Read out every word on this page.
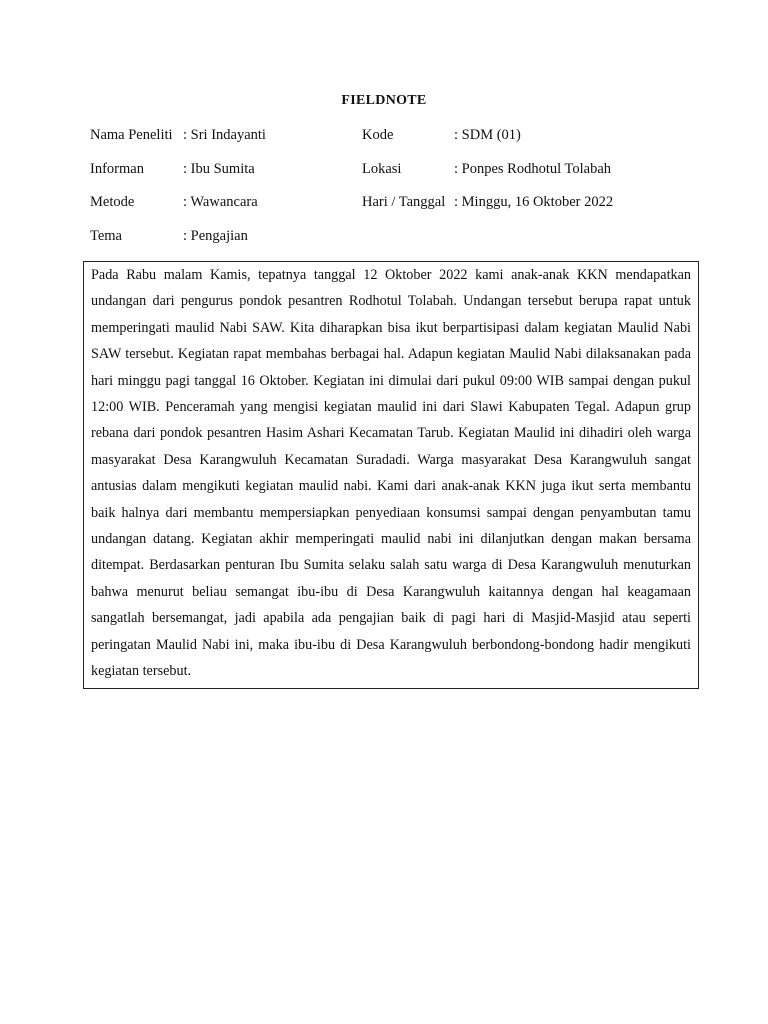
FIELDNOTE
Nama Peneliti : Sri Indayanti	Kode	: SDM (01)
Informan	: Ibu Sumita	Lokasi	: Ponpes Rodhotul Tolabah
Metode	: Wawancara	Hari / Tanggal : Minggu, 16 Oktober 2022
Tema	: Pengajian

Pada Rabu malam Kamis, tepatnya tanggal 12 Oktober 2022 kami anak-anak KKN mendapatkan undangan dari pengurus pondok pesantren Rodhotul Tolabah. Undangan tersebut berupa rapat untuk memperingati maulid Nabi SAW. Kita diharapkan bisa ikut berpartisipasi dalam kegiatan Maulid Nabi SAW tersebut. Kegiatan rapat membahas berbagai hal. Adapun kegiatan Maulid Nabi dilaksanakan pada hari minggu pagi tanggal 16 Oktober. Kegiatan ini dimulai dari pukul 09:00 WIB sampai dengan pukul 12:00 WIB. Penceramah yang mengisi kegiatan maulid ini dari Slawi Kabupaten Tegal. Adapun grup rebana dari pondok pesantren Hasim Ashari Kecamatan Tarub. Kegiatan Maulid ini dihadiri oleh warga masyarakat Desa Karangwuluh Kecamatan Suradadi. Warga masyarakat Desa Karangwuluh sangat antusias dalam mengikuti kegiatan maulid nabi. Kami dari anak-anak KKN juga ikut serta membantu baik halnya dari membantu mempersiapkan penyediaan konsumsi sampai dengan penyambutan tamu undangan datang. Kegiatan akhir memperingati maulid nabi ini dilanjutkan dengan makan bersama ditempat. Berdasarkan penturan Ibu Sumita selaku salah satu warga di Desa Karangwuluh menuturkan bahwa menurut beliau semangat ibu-ibu di Desa Karangwuluh kaitannya dengan hal keagamaan sangatlah bersemangat, jadi apabila ada pengajian baik di pagi hari di Masjid-Masjid atau seperti peringatan Maulid Nabi ini, maka ibu-ibu di Desa Karangwuluh berbondong-bondong hadir mengikuti kegiatan tersebut.
